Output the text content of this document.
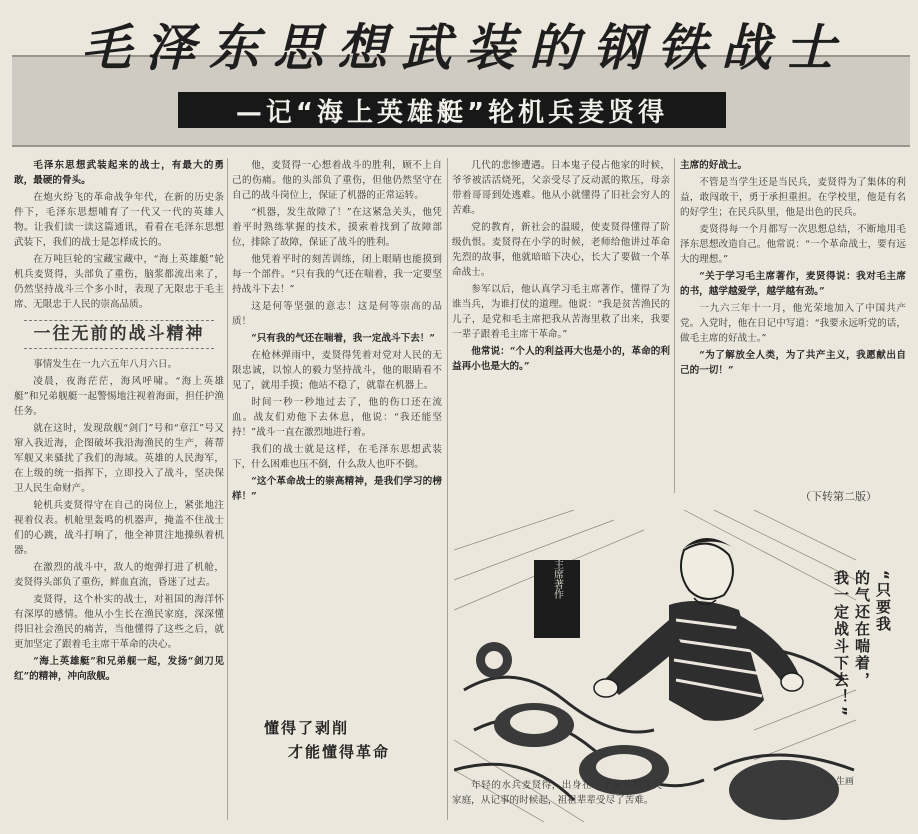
毛泽东思想武装的钢铁战士
—记“海上英雄艇”轮机兵麦贤得

毛泽东思想武装起来的战士，有最大的勇敢，最硬的骨头。

在炮火纷飞的革命战争年代，在新的历史条件下，毛泽东思想哺育了一代又一代的英雄人物。让我们读一读这篇通讯，看看在毛泽东思想武装下，我们的战士是怎样成长的。

在万吨巨轮的宝藏宝藏中，“海上英雄艇”轮机兵麦贤得，头部负了重伤，脑浆都流出来了，仍然坚持战斗三个多小时，表现了无限忠于毛主席、无限忠于人民的崇高品质。

一往无前的战斗精神

事情发生在一九六五年八月六日。

凌晨，夜海茫茫，海风呼啸。“海上英雄艇”和兄弟舰艇一起警惕地注视着海面，担任护渔任务。

就在这时，发现敌舰“剑门”号和“章江”号又窜入我近海，企图破坏我沿海渔民的生产，蒋帮军舰又来骚扰了我们的海域。英雄的人民海军，在上级的统一指挥下，立即投入了战斗，坚决保卫人民生命财产。

轮机兵麦贤得守在自己的岗位上，紧张地注视着仪表。机舱里轰鸣的机器声，掩盖不住战士们的心跳，战斗打响了，他全神贯注地操纵着机器。

在激烈的战斗中，敌人的炮弹打进了机舱，麦贤得头部负了重伤，鲜血直流，昏迷了过去。

麦贤得，这个朴实的战士，对祖国的海洋怀有深厚的感情。他从小生长在渔民家庭，深深懂得旧社会渔民的痛苦，当他懂得了这些之后，就更加坚定了跟着毛主席干革命的决心。

“海上英雄艇”和兄弟舰一起，发扬“剑刀见红”的精神，冲向敌舰。

他，麦贤得一心想着战斗的胜利，顾不上自己的伤痛。他的头部负了重伤，但他仍然坚守在自己的战斗岗位上，保证了机器的正常运转。

“机器，发生故障了！”在这紧急关头，他凭着平时熟练掌握的技术，摸索着找到了故障部位，排除了故障，保证了战斗的胜利。

他凭着平时的刻苦训练，闭上眼睛也能摸到每一个部件。“只有我的气还在喘着，我一定要坚持战斗下去！”

这是何等坚强的意志！这是何等崇高的品质！

“只有我的气还在喘着，我一定战斗下去！”

在枪林弹雨中，麦贤得凭着对党对人民的无限忠诚，以惊人的毅力坚持战斗，他的眼睛看不见了，就用手摸；他站不稳了，就靠在机器上。

时间一秒一秒地过去了，他的伤口还在流血。战友们劝他下去休息，他说：“我还能坚持！”战斗一直在激烈地进行着。

我们的战士就是这样，在毛泽东思想武装下，什么困难也压不倒，什么敌人也吓不倒。

“这个革命战士的崇高精神，是我们学习的榜样！”

懂得了剥削
才能懂得革命

几代的悲惨遭遇。日本鬼子侵占他家的时候，爷爷被活活烧死，父亲受尽了反动派的欺压，母亲带着哥哥到处逃难。他从小就懂得了旧社会穷人的苦难。

党的教育，新社会的温暖，使麦贤得懂得了阶级仇恨。麦贤得在小学的时候，老师给他讲过革命先烈的故事，他就暗暗下决心，长大了要做一个革命战士。

参军以后，他认真学习毛主席著作，懂得了为谁当兵，为谁打仗的道理。他说：“我是贫苦渔民的儿子，是党和毛主席把我从苦海里救了出来，我要一辈子跟着毛主席干革命。”

他常说：“个人的利益再大也是小的，革命的利益再小也是大的。”

主席的好战士。

不管是当学生还是当民兵，麦贤得为了集体的利益，敢闯敢干，勇于承担重担。在学校里，他是有名的好学生；在民兵队里，他是出色的民兵。

麦贤得每一个月都写一次思想总结，不断地用毛泽东思想改造自己。他常说：“一个革命战士，要有远大的理想。”

“关于学习毛主席著作，麦贤得说：我对毛主席的书，越学越爱学，越学越有劲。”

一九六三年十一月，他光荣地加入了中国共产党。入党时，他在日记中写道：“我要永远听党的话，做毛主席的好战士。”

“为了解放全人类，为了共产主义，我愿献出自己的一切！”

（下转第二版）
毛主席著作	“只要我
的气还在喘着，
我一定战斗下去！”
辰 生画

年轻的水兵麦贤得，出身在一个贫苦的渔民家庭，从记事的时候起，祖祖辈辈受尽了苦难。
